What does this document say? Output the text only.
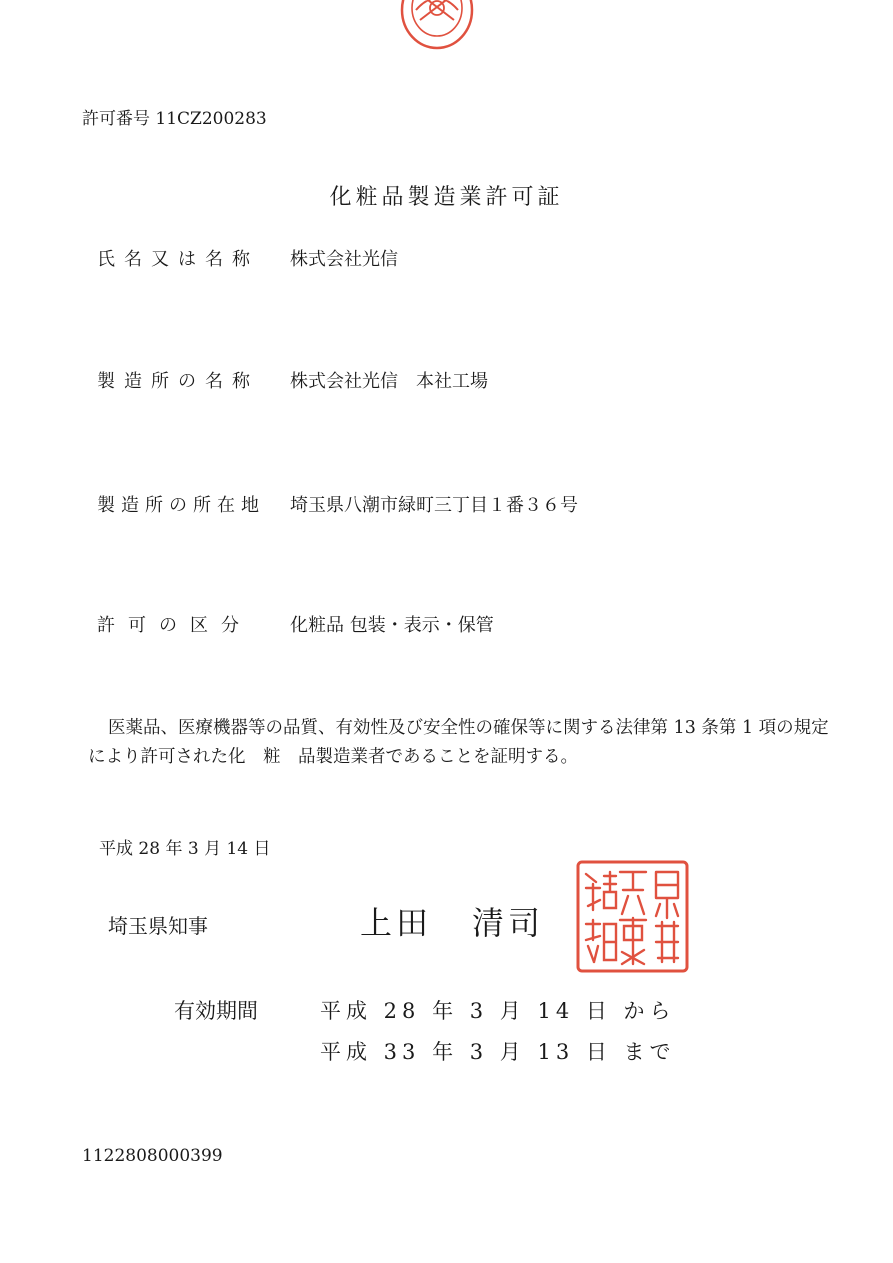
許可番号 11CZ200283
化粧品製造業許可証
氏名又は名称 株式会社光信
製造所の名称 株式会社光信　本社工場
製造所の所在地 埼玉県八潮市緑町三丁目１番３６号
許可の区分 化粧品 包装・表示・保管
医薬品、医療機器等の品質、有効性及び安全性の確保等に関する法律第 13 条第 1 項の規定により許可された化　粧　品製造業者であることを証明する。
平成 28 年 3 月 14 日
埼玉県知事	上田 清司
有効期間	平成 28 年 3 月 14 日 から
平成 33 年 3 月 13 日 まで
1122808000399
